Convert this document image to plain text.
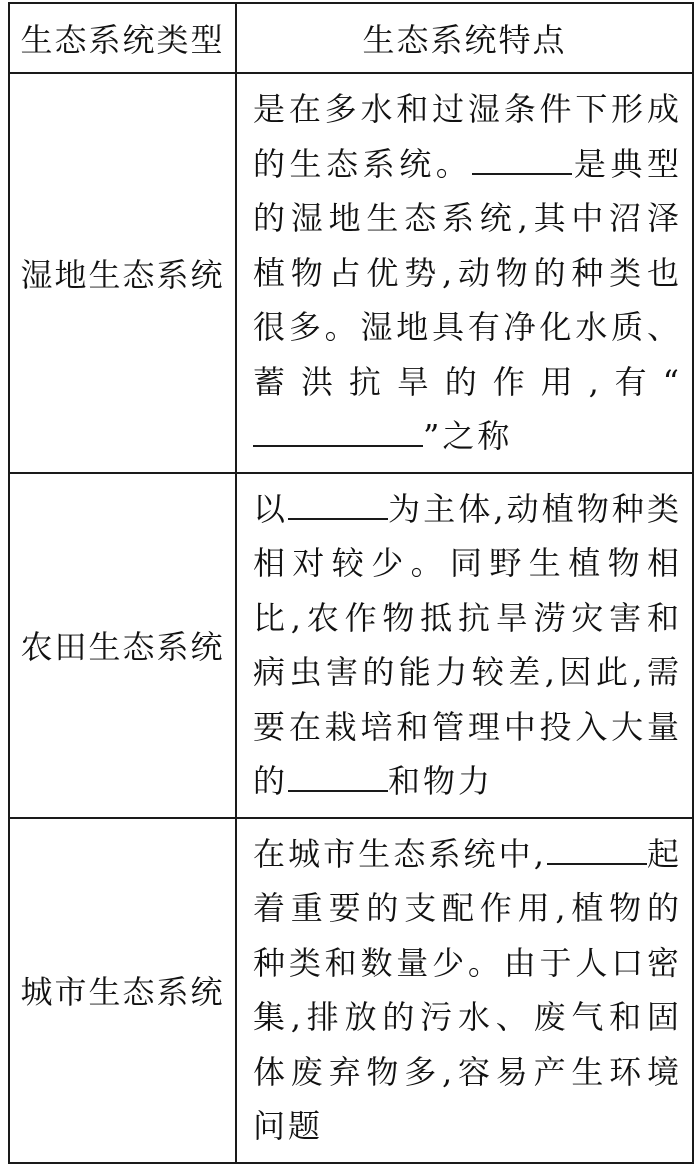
生态系统类型	生态系统特点
湿地生态系统	是在多水和过湿条件下形成的生态系统。 是典型的湿地生态系统,其中沼泽植物占优势,动物的种类也很多。湿地具有净化水质、蓄洪抗旱的作用,有“”之称
农田生态系统	以 为主体,动植物种类相对较少。同野生植物相比,农作物抵抗旱涝灾害和病虫害的能力较差,因此,需要在栽培和管理中投入大量的 和物力
城市生态系统	在城市生态系统中, 起着重要的支配作用,植物的种类和数量少。由于人口密集,排放的污水、废气和固体废弃物多,容易产生环境问题
